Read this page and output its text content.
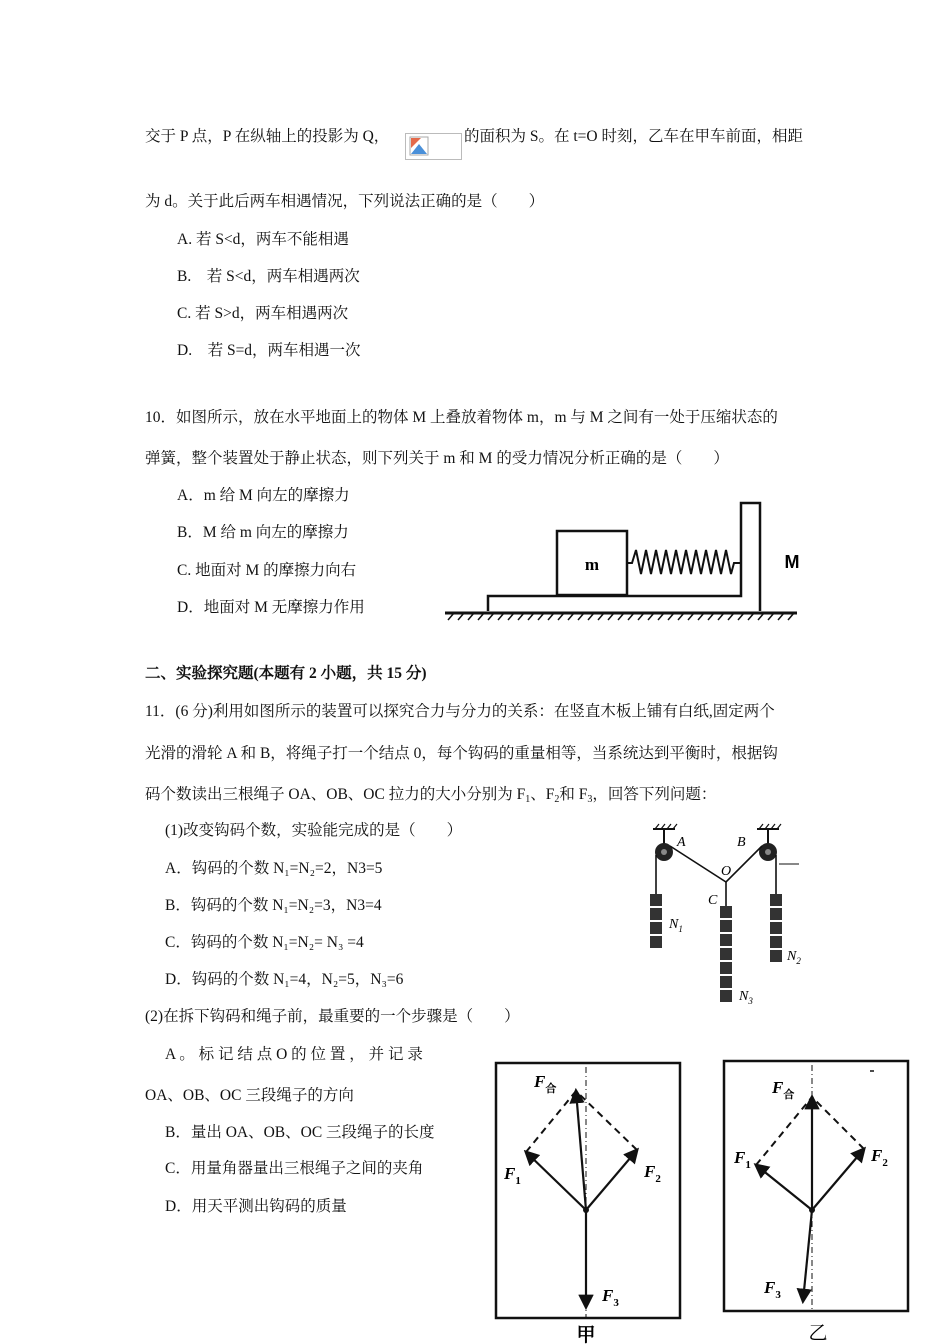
交于 P 点，P 在纵轴上的投影为 Q，	的面积为 S。在 t=O 时刻，乙车在甲车前面，相距
为 d。关于此后两车相遇情况，下列说法正确的是（　　）
A. 若 S<d，两车不能相遇
B.　若 S<d，两车相遇两次
C. 若 S>d，两车相遇两次
D.　若 S=d，两车相遇一次
10．如图所示，放在水平地面上的物体 M 上叠放着物体 m，m 与 M 之间有一处于压缩状态的
弹簧，整个装置处于静止状态，则下列关于 m 和 M 的受力情况分析正确的是（　　）
A．m 给 M 向左的摩擦力
B．M 给 m 向左的摩擦力
C. 地面对 M 的摩擦力向右
D．地面对 M 无摩擦力作用
m	M
二、实验探究题(本题有 2 小题，共 15 分)
11．(6 分)利用如图所示的装置可以探究合力与分力的关系：在竖直木板上铺有白纸,固定两个
光滑的滑轮 A 和 B，将绳子打一个结点 0，每个钩码的重量相等，当系统达到平衡时，根据钩
码个数读出三根绳子 OA、OB、OC 拉力的大小分别为 $F_1$、$F_2$和 $F_3$，回答下列问题：
(1)改变钩码个数，实验能完成的是（　　）
A．钩码的个数 N₁=N₂=2，N3=5
B．钩码的个数 N₁=N₂=3，N3=4
C．钩码的个数 N₁=N₂= N₃ =4
D．钩码的个数 N₁=4，N₂=5，N₃=6
(2)在拆下钩码和绳子前，最重要的一个步骤是（　　）
A 。 标 记 结 点 O 的 位 置 ， 并 记 录
OA、OB、OC 三段绳子的方向
B．量出 OA、OB、OC 三段绳子的长度
C．用量角器量出三根绳子之间的夹角
D．用天平测出钩码的质量
A	B
O
C
$N_1$
$N_2$
$N_3$
$F_合$
$F_1$	$F_2$
$F_3$
甲
$F_合$
$F_1$	$F_2$
$F_3$
乙
